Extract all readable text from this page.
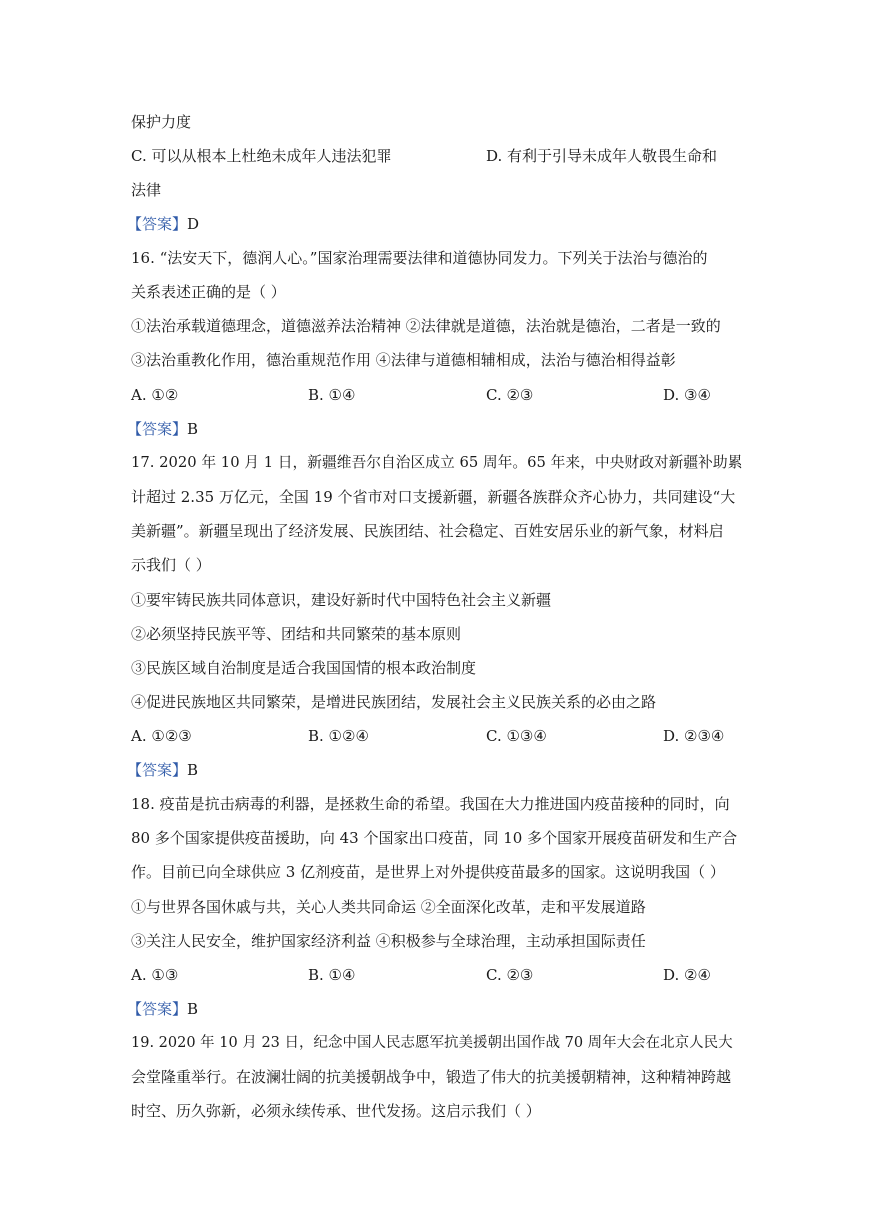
保护力度
C. 可以从根本上杜绝未成年人违法犯罪	D. 有利于引导未成年人敬畏生命和
法律
【答案】D
16. “法安天下，德润人心。”国家治理需要法律和道德协同发力。下列关于法治与德治的
关系表述正确的是（ ）
①法治承载道德理念，道德滋养法治精神 ②法律就是道德，法治就是德治，二者是一致的
③法治重教化作用，德治重规范作用 ④法律与道德相辅相成，法治与德治相得益彰
A. ①②	B. ①④	C. ②③	D. ③④
【答案】B
17. 2020 年 10 月 1 日，新疆维吾尔自治区成立 65 周年。65 年来，中央财政对新疆补助累
计超过 2.35 万亿元，全国 19 个省市对口支援新疆，新疆各族群众齐心协力，共同建设“大
美新疆”。新疆呈现出了经济发展、民族团结、社会稳定、百姓安居乐业的新气象，材料启
示我们（ ）
①要牢铸民族共同体意识，建设好新时代中国特色社会主义新疆
②必须坚持民族平等、团结和共同繁荣的基本原则
③民族区域自治制度是适合我国国情的根本政治制度
④促进民族地区共同繁荣，是增进民族团结，发展社会主义民族关系的必由之路
A. ①②③	B. ①②④	C. ①③④	D. ②③④
【答案】B
18. 疫苗是抗击病毒的利器，是拯救生命的希望。我国在大力推进国内疫苗接种的同时，向
80 多个国家提供疫苗援助，向 43 个国家出口疫苗，同 10 多个国家开展疫苗研发和生产合
作。目前已向全球供应 3 亿剂疫苗，是世界上对外提供疫苗最多的国家。这说明我国（ ）
①与世界各国休戚与共，关心人类共同命运 ②全面深化改革，走和平发展道路
③关注人民安全，维护国家经济利益 ④积极参与全球治理，主动承担国际责任
A. ①③	B. ①④	C. ②③	D. ②④
【答案】B
19. 2020 年 10 月 23 日，纪念中国人民志愿军抗美援朝出国作战 70 周年大会在北京人民大
会堂隆重举行。在波澜壮阔的抗美援朝战争中，锻造了伟大的抗美援朝精神，这种精神跨越
时空、历久弥新，必须永续传承、世代发扬。这启示我们（ ）
